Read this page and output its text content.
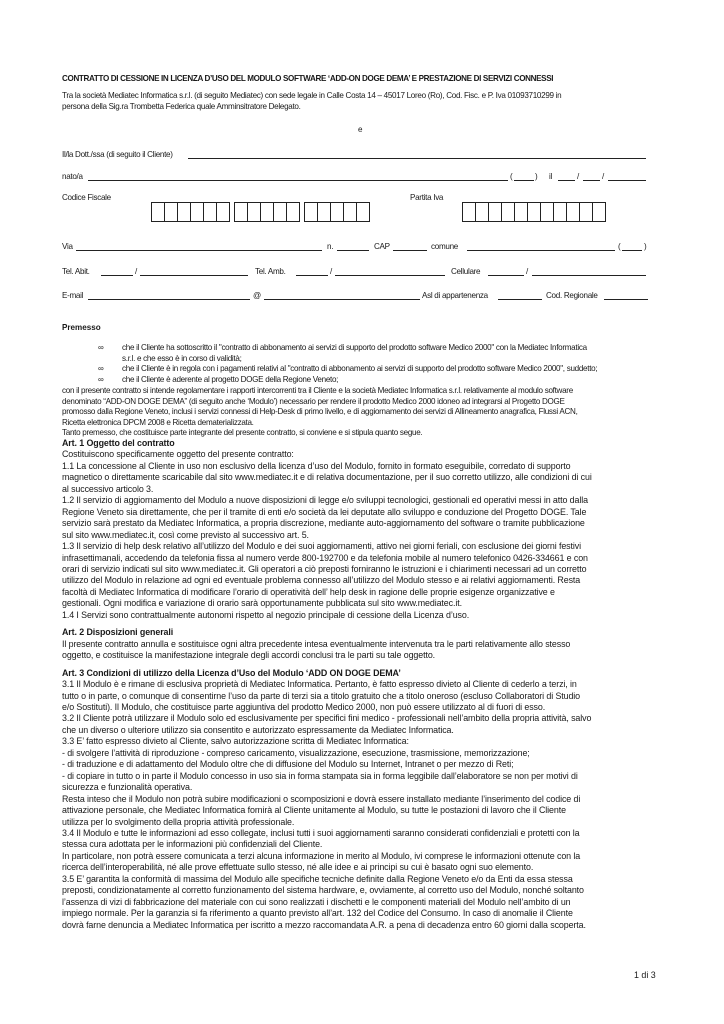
CONTRATTO DI CESSIONE IN LICENZA D’USO DEL MODULO SOFTWARE ‘ADD-ON DOGE DEMA’ E PRESTAZIONE DI SERVIZI CONNESSI
Tra la società Mediatec Informatica s.r.l. (di seguito Mediatec) con sede legale in Calle Costa 14 – 45017 Loreo (Ro), Cod. Fisc. e P. Iva 01093710299 in
persona della Sig.ra Trombetta Federica quale Amminsitratore Delegato.
e
Il/la Dott./ssa (di seguito il Cliente)
nato/a	(	) il	/	/
Codice Fiscale	Partita Iva
Via	n.	CAP	comune	(	)
Tel. Abit.	/	Tel. Amb.	/	Cellulare	/
E-mail	@	Asl di appartenenza	Cod. Regionale
Premesso
∞ che il Cliente ha sottoscritto il "contratto di abbonamento ai servizi di supporto del prodotto software Medico 2000" con la Mediatec Informatica
s.r.l. e che esso è in corso di validità;
∞ che il Cliente è in regola con i pagamenti relativi al "contratto di abbonamento ai servizi di supporto del prodotto software Medico 2000", suddetto;
∞ che il Cliente è aderente al progetto DOGE della Regione Veneto;
con il presente contratto si intende regolamentare i rapporti intercorrenti tra il Cliente e la società Mediatec Informatica s.r.l. relativamente al modulo software
denominato “ADD-ON DOGE DEMA” (di seguito anche ‘Modulo’) necessario per rendere il prodotto Medico 2000 idoneo ad integrarsi al Progetto DOGE
promosso dalla Regione Veneto, inclusi i servizi connessi di Help-Desk di primo livello, e di aggiornamento dei servizi di Allineamento anagrafica, Flussi ACN,
Ricetta elettronica DPCM 2008 e Ricetta dematerializzata.
Tanto premesso, che costituisce parte integrante del presente contratto, si conviene e si stipula quanto segue.
Art. 1 Oggetto del contratto
Costituiscono specificamente oggetto del presente contratto:
1.1 La concessione al Cliente in uso non esclusivo della licenza d’uso del Modulo, fornito in formato eseguibile, corredato di supporto
magnetico o direttamente scaricabile dal sito www.mediatec.it e di relativa documentazione, per il suo corretto utilizzo, alle condizioni di cui
al successivo articolo 3.
1.2 Il servizio di aggiornamento del Modulo a nuove disposizioni di legge e/o sviluppi tecnologici, gestionali ed operativi messi in atto dalla
Regione Veneto sia direttamente, che per il tramite di enti e/o società da lei deputate allo sviluppo e conduzione del Progetto DOGE. Tale
servizio sarà prestato da Mediatec Informatica, a propria discrezione, mediante auto-aggiornamento del software o tramite pubblicazione
sul sito www.mediatec.it, così come previsto al successivo art. 5.
1.3 Il servizio di help desk relativo all’utilizzo del Modulo e dei suoi aggiornamenti, attivo nei giorni feriali, con esclusione dei giorni festivi
infrasettimanali, accedendo da telefonia fissa al numero verde 800-192700 e da telefonia mobile al numero telefonico 0426-334661 e con
orari di servizio indicati sul sito www.mediatec.it. Gli operatori a ciò preposti forniranno le istruzioni e i chiarimenti necessari ad un corretto
utilizzo del Modulo in relazione ad ogni ed eventuale problema connesso all’utilizzo del Modulo stesso e ai relativi aggiornamenti. Resta
facoltà di Mediatec Informatica di modificare l’orario di operatività dell’ help desk in ragione delle proprie esigenze organizzative e
gestionali. Ogni modifica e variazione di orario sarà opportunamente pubblicata sul sito www.mediatec.it.
1.4 I Servizi sono contrattualmente autonomi rispetto al negozio principale di cessione della Licenza d’uso.
Art. 2 Disposizioni generali
Il presente contratto annulla e sostituisce ogni altra precedente intesa eventualmente intervenuta tra le parti relativamente allo stesso
oggetto, e costituisce la manifestazione integrale degli accordi conclusi tra le parti su tale oggetto.
Art. 3 Condizioni di utilizzo della Licenza d’Uso del Modulo ‘ADD ON DOGE DEMA’
3.1 Il Modulo è e rimane di esclusiva proprietà di Mediatec Informatica. Pertanto, è fatto espresso divieto al Cliente di cederlo a terzi, in
tutto o in parte, o comunque di consentirne l’uso da parte di terzi sia a titolo gratuito che a titolo oneroso (escluso Collaboratori di Studio
e/o Sostituti). Il Modulo, che costituisce parte aggiuntiva del prodotto Medico 2000, non può essere utilizzato al di fuori di esso.
3.2 Il Cliente potrà utilizzare il Modulo solo ed esclusivamente per specifici fini medico - professionali nell’ambito della propria attività, salvo
che un diverso o ulteriore utilizzo sia consentito e autorizzato espressamente da Mediatec Informatica.
3.3 E’ fatto espresso divieto al Cliente, salvo autorizzazione scritta di Mediatec Informatica:
- di svolgere l’attività di riproduzione - compreso caricamento, visualizzazione, esecuzione, trasmissione, memorizzazione;
- di traduzione e di adattamento del Modulo oltre che di diffusione del Modulo su Internet, Intranet o per mezzo di Reti;
- di copiare in tutto o in parte il Modulo concesso in uso sia in forma stampata sia in forma leggibile dall’elaboratore se non per motivi di
sicurezza e funzionalità operativa.
Resta inteso che il Modulo non potrà subire modificazioni o scomposizioni e dovrà essere installato mediante l’inserimento del codice di
attivazione personale, che Mediatec Informatica fornirà al Cliente unitamente al Modulo, su tutte le postazioni di lavoro che il Cliente
utilizza per lo svolgimento della propria attività professionale.
3.4 Il Modulo e tutte le informazioni ad esso collegate, inclusi tutti i suoi aggiornamenti saranno considerati confidenziali e protetti con la
stessa cura adottata per le informazioni più confidenziali del Cliente.
In particolare, non potrà essere comunicata a terzi alcuna informazione in merito al Modulo, ivi comprese le informazioni ottenute con la
ricerca dell’interoperabilità, né alle prove effettuate sullo stesso, né alle idee e ai principi su cui è basato ogni suo elemento.
3.5 E’ garantita la conformità di massima del Modulo alle specifiche tecniche definite dalla Regione Veneto e/o da Enti da essa stessa
preposti, condizionatamente al corretto funzionamento del sistema hardware, e, ovviamente, al corretto uso del Modulo, nonché soltanto
l’assenza di vizi di fabbricazione del materiale con cui sono realizzati i dischetti e le componenti materiali del Modulo nell’ambito di un
impiego normale. Per la garanzia si fa riferimento a quanto previsto all’art. 132 del Codice del Consumo. In caso di anomalie il Cliente
dovrà farne denuncia a Mediatec Informatica per iscritto a mezzo raccomandata A.R. a pena di decadenza entro 60 giorni dalla scoperta.
1 di 3
